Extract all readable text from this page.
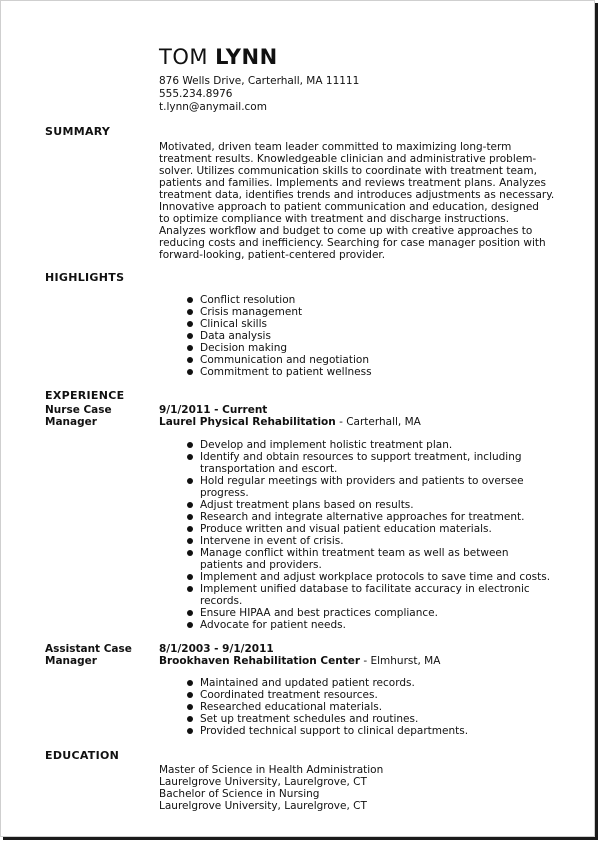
TOM LYNN
876 Wells Drive, Carterhall, MA 11111
555.234.8976
t.lynn@anymail.com
SUMMARY
Motivated, driven team leader committed to maximizing long-term
treatment results. Knowledgeable clinician and administrative problem-
solver. Utilizes communication skills to coordinate with treatment team,
patients and families. Implements and reviews treatment plans. Analyzes
treatment data, identifies trends and introduces adjustments as necessary.
Innovative approach to patient communication and education, designed
to optimize compliance with treatment and discharge instructions.
Analyzes workflow and budget to come up with creative approaches to
reducing costs and inefficiency. Searching for case manager position with
forward-looking, patient-centered provider.
HIGHLIGHTS
Conflict resolution
Crisis management
Clinical skills
Data analysis
Decision making
Communication and negotiation
Commitment to patient wellness
EXPERIENCE
Nurse Case Manager
9/1/2011 - Current
Laurel Physical Rehabilitation - Carterhall, MA
Develop and implement holistic treatment plan.
Identify and obtain resources to support treatment, including
transportation and escort.
Hold regular meetings with providers and patients to oversee
progress.
Adjust treatment plans based on results.
Research and integrate alternative approaches for treatment.
Produce written and visual patient education materials.
Intervene in event of crisis.
Manage conflict within treatment team as well as between
patients and providers.
Implement and adjust workplace protocols to save time and costs.
Implement unified database to facilitate accuracy in electronic
records.
Ensure HIPAA and best practices compliance.
Advocate for patient needs.
Assistant Case
Manager
8/1/2003 - 9/1/2011
Brookhaven Rehabilitation Center - Elmhurst, MA
Maintained and updated patient records.
Coordinated treatment resources.
Researched educational materials.
Set up treatment schedules and routines.
Provided technical support to clinical departments.
EDUCATION
Master of Science in Health Administration
Laurelgrove University, Laurelgrove, CT
Bachelor of Science in Nursing
Laurelgrove University, Laurelgrove, CT
